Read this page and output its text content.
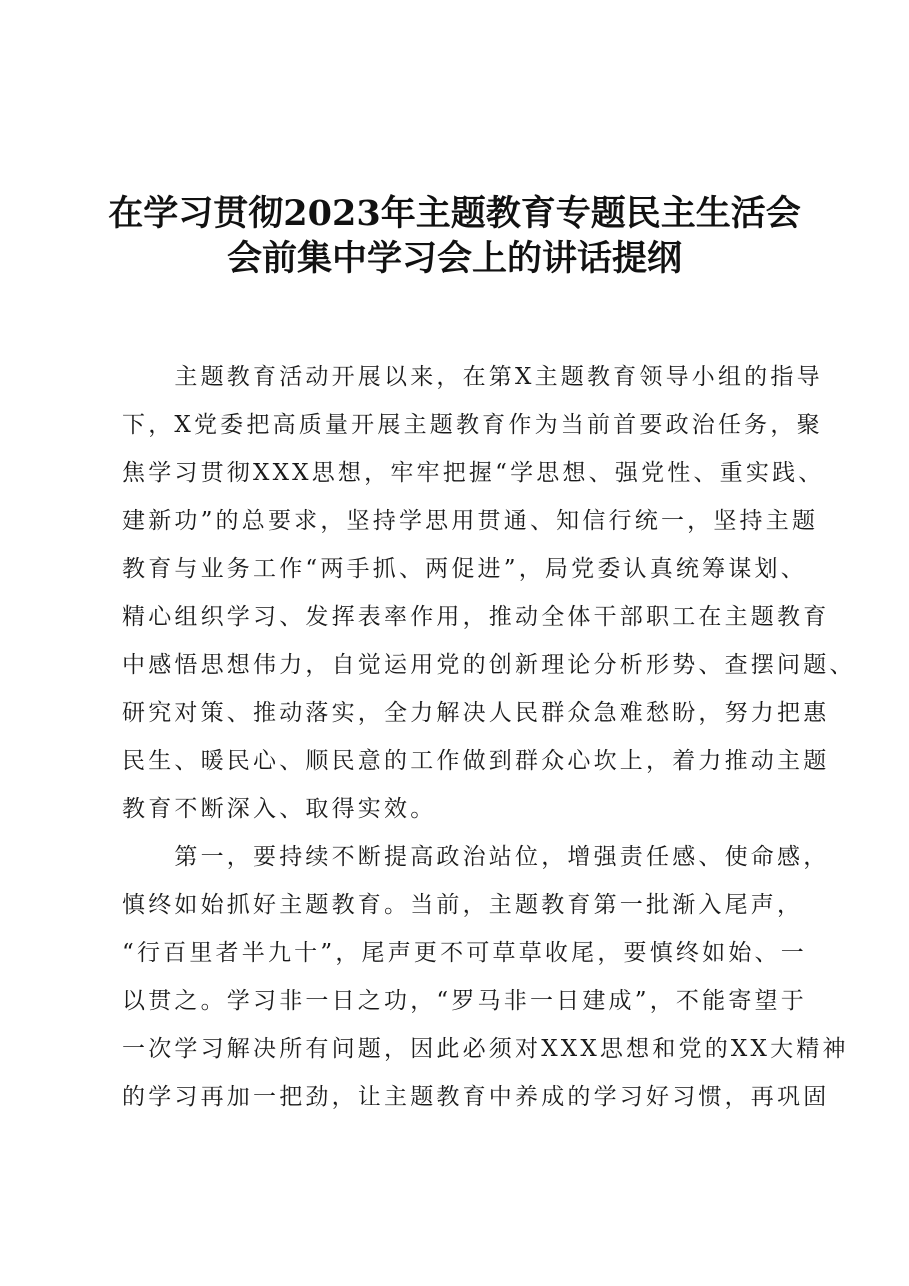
在学习贯彻2023年主题教育专题民主生活会
会前集中学习会上的讲话提纲
　　主题教育活动开展以来，在第X主题教育领导小组的指导
下，X党委把高质量开展主题教育作为当前首要政治任务，聚
焦学习贯彻XXX思想，牢牢把握“学思想、强党性、重实践、
建新功”的总要求，坚持学思用贯通、知信行统一，坚持主题
教育与业务工作“两手抓、两促进”，局党委认真统筹谋划、
精心组织学习、发挥表率作用，推动全体干部职工在主题教育
中感悟思想伟力，自觉运用党的创新理论分析形势、查摆问题、
研究对策、推动落实，全力解决人民群众急难愁盼，努力把惠
民生、暖民心、顺民意的工作做到群众心坎上，着力推动主题
教育不断深入、取得实效。
　　第一，要持续不断提高政治站位，增强责任感、使命感，
慎终如始抓好主题教育。当前，主题教育第一批渐入尾声，
“行百里者半九十”，尾声更不可草草收尾，要慎终如始、一
以贯之。学习非一日之功，“罗马非一日建成”，不能寄望于
一次学习解决所有问题，因此必须对XXX思想和党的XX大精神
的学习再加一把劲，让主题教育中养成的学习好习惯，再巩固
